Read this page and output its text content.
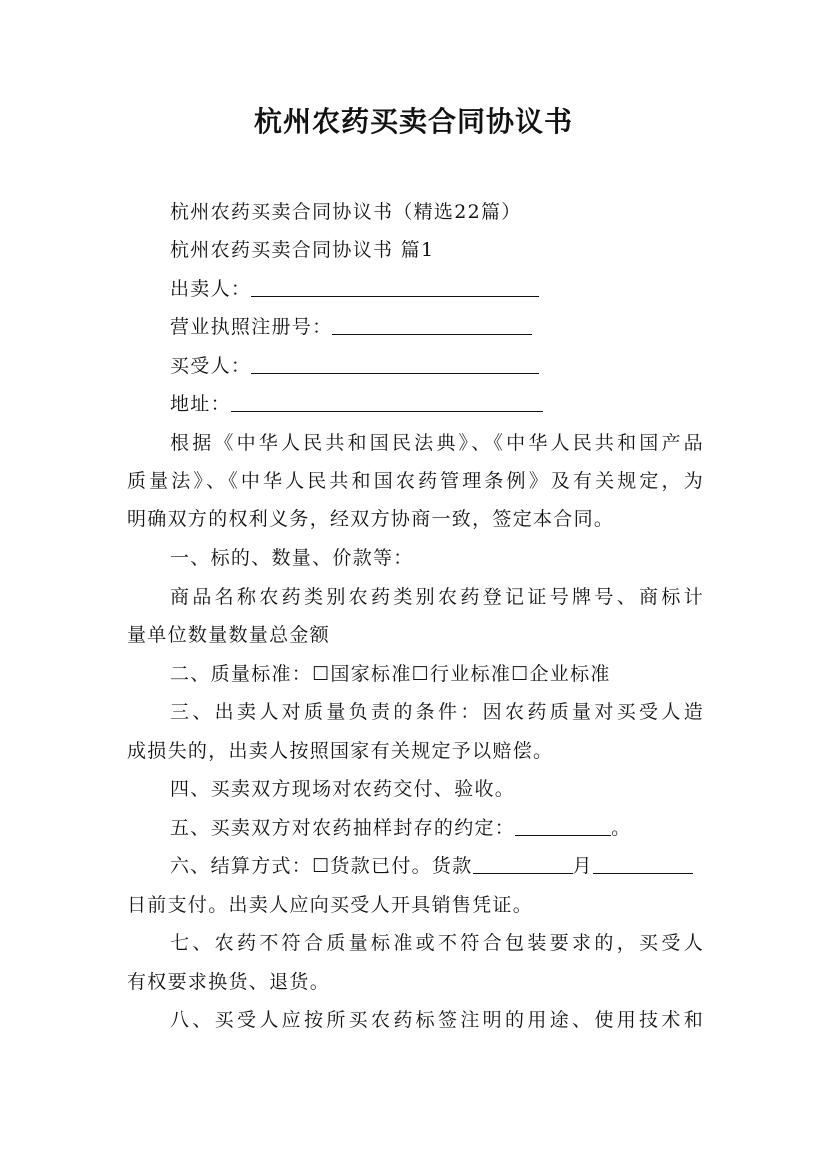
杭州农药买卖合同协议书
杭州农药买卖合同协议书（精选22篇）
杭州农药买卖合同协议书 篇1
出卖人：
营业执照注册号：
买受人：
地址：
根据《中华人民共和国民法典》、《中华人民共和国产品
质量法》、《中华人民共和国农药管理条例》及有关规定，为
明确双方的权利义务，经双方协商一致，签定本合同。
一、标的、数量、价款等：
商品名称农药类别农药类别农药登记证号牌号、商标计
量单位数量数量总金额
二、质量标准：☐国家标准☐行业标准☐企业标准
三、出卖人对质量负责的条件：因农药质量对买受人造
成损失的，出卖人按照国家有关规定予以赔偿。
四、买卖双方现场对农药交付、验收。
五、买卖双方对农药抽样封存的约定：	。
六、结算方式：☐货款已付。货款	月
日前支付。出卖人应向买受人开具销售凭证。
七、农药不符合质量标准或不符合包装要求的，买受人
有权要求换货、退货。
八、买受人应按所买农药标签注明的用途、使用技术和
